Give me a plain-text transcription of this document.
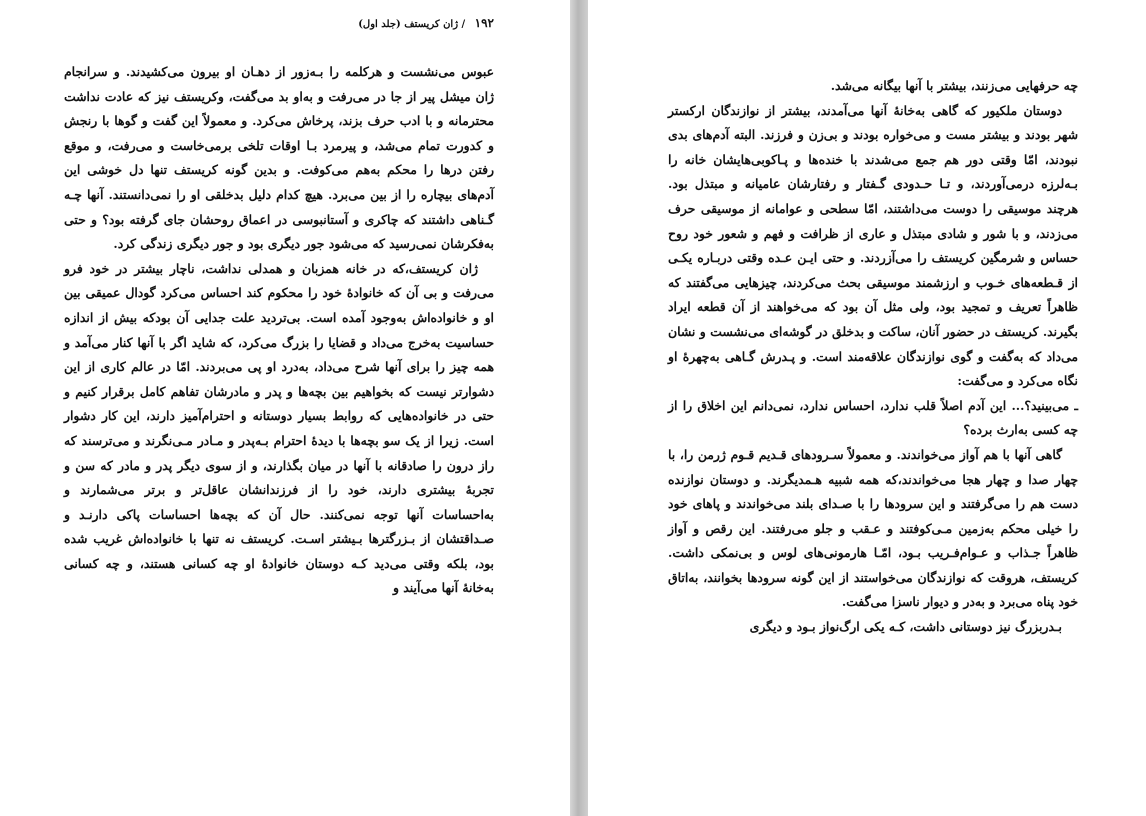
۱۹۲ / ژان کریستف (جلد اول)

عبوس می‌نشست و هرکلمه را بـه‌زور از دهـان او بیرون می‌کشیدند. و سرانجام ژان میشل پیر از جا در می‌رفت و به‌او بد می‌گفت، وکریستف نیز که عادت نداشت محترمانه و با ادب حرف بزند، پرخاش می‌کرد. و معمولاً این گفت و گوها با رنجش و کدورت تمام می‌شد، و پیرمرد بـا اوقات تلخی برمی‌خاست و می‌رفت، و موقع رفتن درها را محکم به‌هم می‌کوفت. و بدین گونه کریستف تنها دل خوشی این آدم‌های بیچاره را از بین می‌برد. هیچ کدام دلیل بدخلقی او را نمی‌دانستند. آنها چـه گـناهی داشتند که چاکری و آستانبوسی در اعماق روحشان جای گرفته بود؟ و حتی به‌فکرشان نمی‌رسید که می‌شود جور دیگری بود و جور دیگری زندگی کرد.

ژان کریستف،که در خانه همزبان و همدلی نداشت، ناچار بیشتر در خود فرو می‌رفت و بی آن که خانوادهٔ خود را محکوم کند احساس می‌کرد گودال عمیقی بین او و خانواده‌اش به‌وجود آمده است. بی‌تردید علت جدایی آن بودکه بیش از اندازه حساسیت به‌خرج می‌داد و قضایا را بزرگ می‌کرد، که شاید اگر با آنها کنار می‌آمد و همه چیز را برای آنها شرح می‌داد، به‌درد او پی می‌بردند. امّا در عالم کاری از این دشوارتر نیست که بخواهیم بین بچه‌ها و پدر و مادرشان تفاهم کامل برقرار کنیم و حتی در خانواده‌هایی که روابط بسیار دوستانه و احترام‌آمیز دارند، این کار دشوار است. زیرا از یک سو بچه‌ها با دیدهٔ احترام بـه‌پدر و مـادر مـی‌نگرند و می‌ترسند که راز درون را صادقانه با آنها در میان بگذارند، و از سوی دیگر پدر و مادر که سن و تجربهٔ بیشتری دارند، خود را از فرزندانشان عاقل‌تر و برتر می‌شمارند و به‌احساسات آنها توجه نمی‌کنند. حال آن که بچه‌ها احساسات پاکی دارنـد و صـداقتشان از بـزرگترها بـیشتر اسـت. کریستف نه تنها با خانواده‌اش غریب شده بود، بلکه وقتی می‌دید کـه دوستان خانوادهٔ او چه کسانی هستند، و چه کسانی به‌خانهٔ آنها می‌آیند و

چه حرفهایی می‌زنند، بیشتر با آنها بیگانه می‌شد.

دوستان ملکیور که گاهی به‌خانهٔ آنها می‌آمدند، بیشتر از نوازندگان ارکستر شهر بودند و بیشتر مست و می‌خواره بودند و بی‌زن و فرزند. البته آدم‌های بدی نبودند، امّا وقتی دور هم جمع می‌شدند با خنده‌ها و پـاکوبی‌هایشان خانه را بـه‌لرزه درمی‌آوردند، و تـا حـدودی گـفتار و رفتارشان عامیانه و مبتذل بود. هرچند موسیقی را دوست می‌داشتند، امّا سطحی و عوامانه از موسیقی حرف می‌زدند، و با شور و شادی مبتذل و عاری از ظرافت و فهم و شعور خود روح حساس و شرمگین کریستف را می‌آزردند. و حتی ایـن عـده وقتی دربـاره یکـی از قـطعه‌های خـوب و ارزشمند موسیقی بحث می‌کردند، چیزهایی می‌گفتند که ظاهراً تعریف و تمجید بود، ولی مثل آن بود که می‌خواهند از آن قطعه ایراد بگیرند. کریستف در حضور آنان، ساکت و بدخلق در گوشه‌ای می‌نشست و نشان می‌داد که به‌گفت و گوی نوازندگان علاقه‌مند است. و پـدرش گـاهی به‌چهرهٔ او نگاه می‌کرد و می‌گفت:

ـ می‌بینید؟... این آدم اصلاً قلب ندارد، احساس ندارد، نمی‌دانم این اخلاق را از چه کسی به‌ارث برده؟

گاهی آنها با هم آواز می‌خواندند. و معمولاً سـرودهای قـدیم قـوم ژرمن را، با چهار صدا و چهار هجا می‌خواندند،که همه شبیه هـمدیگرند. و دوستان نوازنده دست هم را می‌گرفتند و این سرودها را با صـدای بلند می‌خواندند و پاهای خود را خیلی محکم به‌زمین مـی‌کوفتند و عـقب و جلو می‌رفتند. این رقص و آواز ظاهراً جـذاب و عـوام‌فـریب بـود، امّـا هارمونی‌های لوس و بی‌نمکی داشت. کریستف، هروقت که نوازندگان می‌خواستند از این گونه سرودها بخوانند، به‌اتاق خود پناه می‌برد و به‌در و دیوار ناسزا می‌گفت.

بـدربزرگ نیز دوستانی داشت، کـه یکی ارگ‌نواز بـود و دیگری
